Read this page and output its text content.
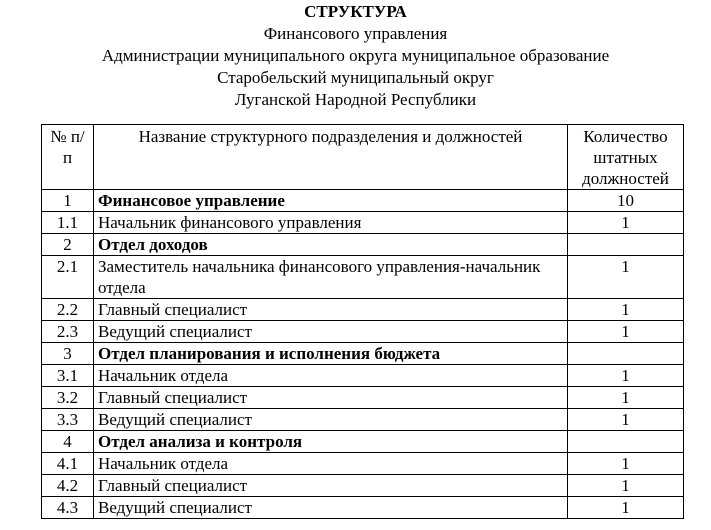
СТРУКТУРА
Финансового управления
Администрации муниципального округа муниципальное образование
Старобельский муниципальный округ
Луганской Народной Республики
№ п/п	Название структурного подразделения и должностей	Количество штатных должностей
1	Финансовое управление	10
1.1	Начальник финансового управления	1
2	Отдел доходов	
2.1	Заместитель начальника финансового управления-начальник отдела	1
2.2	Главный специалист	1
2.3	Ведущий специалист	1
3	Отдел планирования и исполнения бюджета	
3.1	Начальник отдела	1
3.2	Главный специалист	1
3.3	Ведущий специалист	1
4	Отдел анализа и контроля	
4.1	Начальник отдела	1
4.2	Главный специалист	1
4.3	Ведущий специалист	1
